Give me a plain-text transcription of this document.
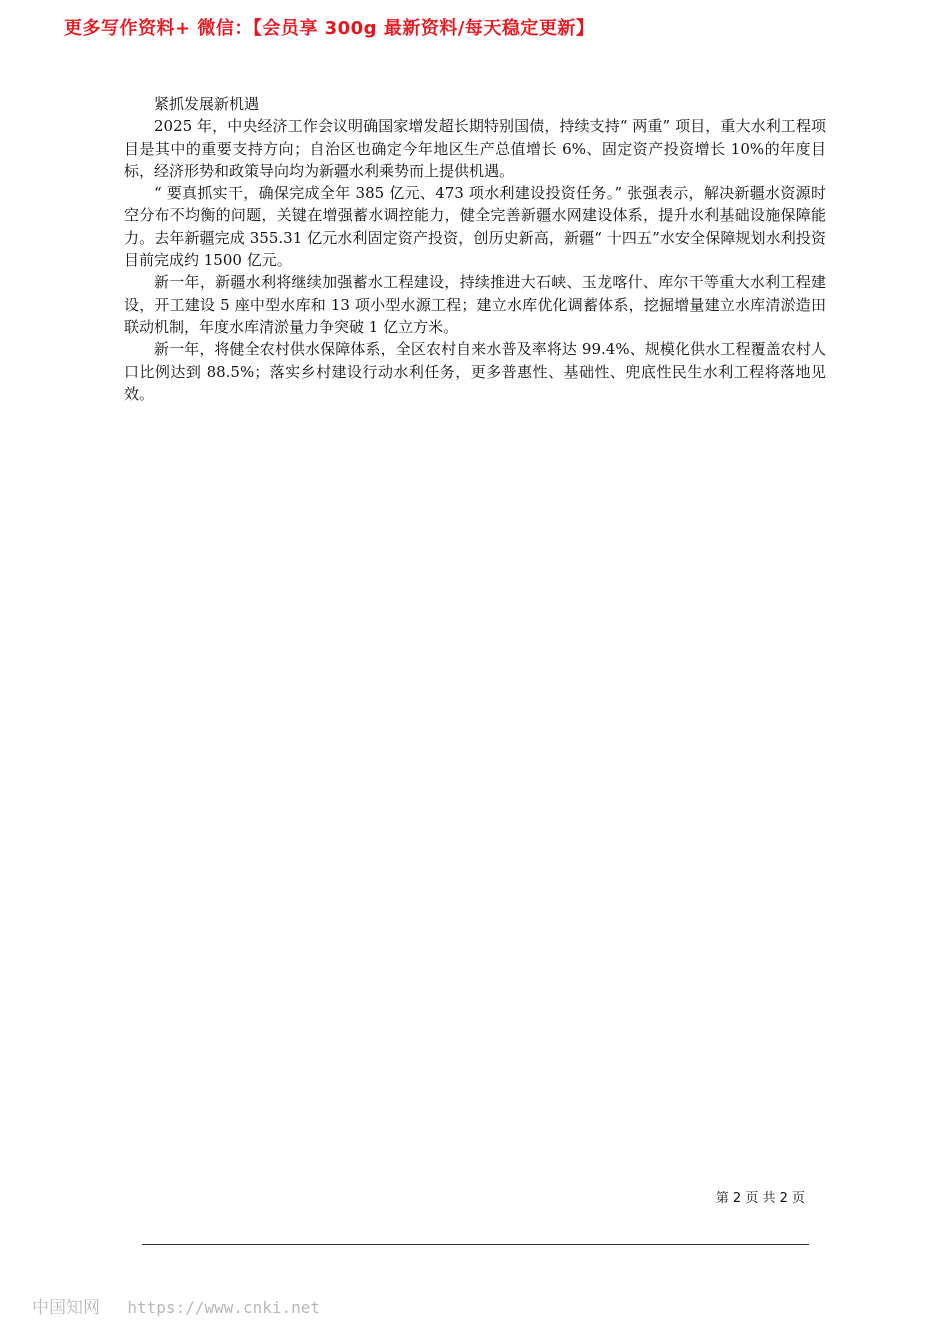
更多写作资料+ 微信：【会员享 300g 最新资料/每天稳定更新】
紧抓发展新机遇

2025 年，中央经济工作会议明确国家增发超长期特别国债，持续支持“ 两重” 项目，重大水利工程项目是其中的重要支持方向；自治区也确定今年地区生产总值增长 6%、固定资产投资增长 10%的年度目标，经济形势和政策导向均为新疆水利乘势而上提供机遇。

“ 要真抓实干，确保完成全年 385 亿元、473 项水利建设投资任务。” 张强表示，解决新疆水资源时空分布不均衡的问题，关键在增强蓄水调控能力，健全完善新疆水网建设体系，提升水利基础设施保障能力。去年新疆完成 355.31 亿元水利固定资产投资，创历史新高，新疆“ 十四五”水安全保障规划水利投资目前完成约 1500 亿元。

新一年，新疆水利将继续加强蓄水工程建设，持续推进大石峡、玉龙喀什、库尔干等重大水利工程建设，开工建设 5 座中型水库和 13 项小型水源工程；建立水库优化调蓄体系，挖掘增量建立水库清淤造田联动机制，年度水库清淤量力争突破 1 亿立方米。

新一年，将健全农村供水保障体系，全区农村自来水普及率将达 99.4%、规模化供水工程覆盖农村人口比例达到 88.5%；落实乡村建设行动水利任务，更多普惠性、基础性、兜底性民生水利工程将落地见效。

第 2 页 共 2 页
中国知网 https://www.cnki.net
